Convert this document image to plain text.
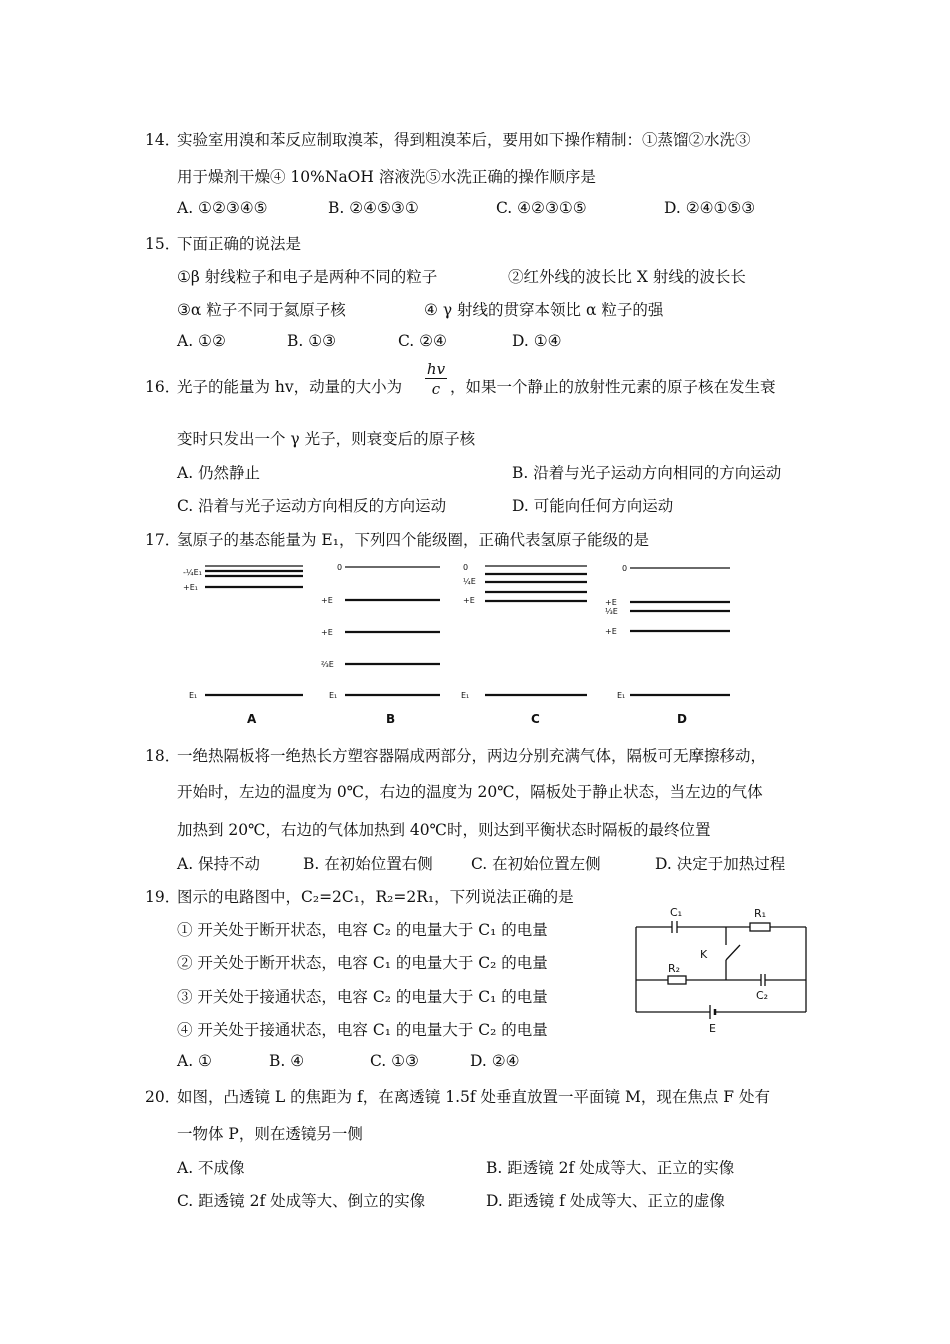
14．
实验室用溴和苯反应制取溴苯，得到粗溴苯后，要用如下操作精制：①蒸馏②水洗③
用于燥剂干燥④ 10%NaOH 溶液洗⑤水洗正确的操作顺序是
A. ①②③④⑤	B. ②④⑤③①	C. ④②③①⑤	D. ②④①⑤③
15．
下面正确的说法是
①β 射线粒子和电子是两种不同的粒子	②红外线的波长比 X 射线的波长长
③α 粒子不同于氦原子核	④ γ 射线的贯穿本领比 α 粒子的强
A. ①②	B. ①③	C. ②④	D. ①④
16．
光子的能量为 hv，动量的大小为 $\frac{hv}{c}$ ，如果一个静止的放射性元素的原子核在发生衰
变时只发出一个 γ 光子，则衰变后的原子核
A. 仍然静止	B. 沿着与光子运动方向相同的方向运动
C. 沿着与光子运动方向相反的方向运动	D. 可能向任何方向运动
17．
氢原子的基态能量为 E₁，下列四个能级圈，正确代表氢原子能级的是
-¼E₁
+E₁
E₁
0
+E
+E
⅔E
E₁
0
¼E
+E
E₁
0
+E
⅓E
+E
E₁
A	B	C	D
18．
一绝热隔板将一绝热长方塑容器隔成两部分，两边分别充满气体，隔板可无摩擦移动，
开始时，左边的温度为 0℃，右边的温度为 20℃，隔板处于静止状态，当左边的气体
加热到 20℃，右边的气体加热到 40℃时，则达到平衡状态时隔板的最终位置
A. 保持不动	B. 在初始位置右侧 C. 在初始位置左侧	D. 决定于加热过程
19．
图示的电路图中，C₂=2C₁，R₂=2R₁，下列说法正确的是
① 开关处于断开状态，电容 C₂ 的电量大于 C₁ 的电量
② 开关处于断开状态，电容 C₁ 的电量大于 C₂ 的电量
③ 开关处于接通状态，电容 C₂ 的电量大于 C₁ 的电量
④ 开关处于接通状态，电容 C₁ 的电量大于 C₂ 的电量
A. ①	B. ④	C. ①③	D. ②④
C₁	R₁
K
R₂
C₂
E
20．
如图，凸透镜 L 的焦距为 f，在离透镜 1.5f 处垂直放置一平面镜 M，现在焦点 F 处有
一物体 P，则在透镜另一侧
A. 不成像	B. 距透镜 2f 处成等大、正立的实像
C. 距透镜 2f 处成等大、倒立的实像	D. 距透镜 f 处成等大、正立的虚像
